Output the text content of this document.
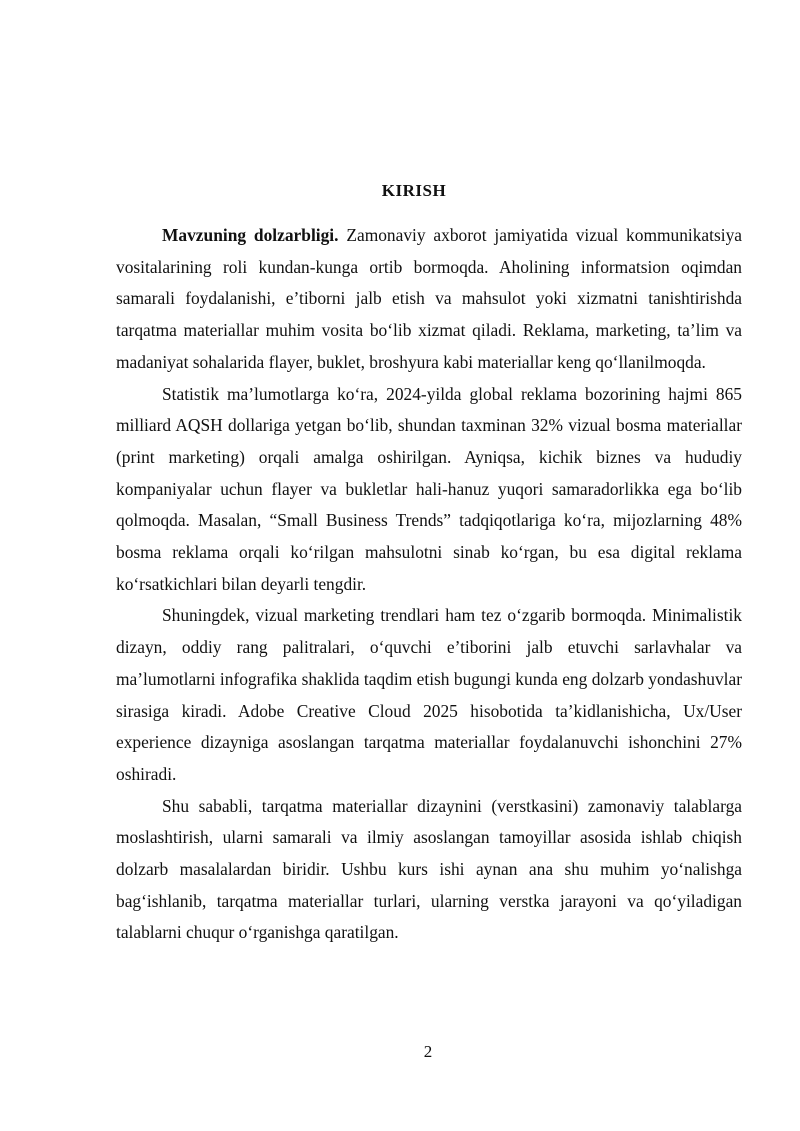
KIRISH

Mavzuning dolzarbligi. Zamonaviy axborot jamiyatida vizual kommunikatsiya vositalarining roli kundan-kunga ortib bormoqda. Aholining informatsion oqimdan samarali foydalanishi, e’tiborni jalb etish va mahsulot yoki xizmatni tanishtirishda tarqatma materiallar muhim vosita bo‘lib xizmat qiladi. Reklama, marketing, ta’lim va madaniyat sohalarida flayer, buklet, broshyura kabi materiallar keng qo‘llanilmoqda.

Statistik ma’lumotlarga ko‘ra, 2024-yilda global reklama bozorining hajmi 865 milliard AQSH dollariga yetgan bo‘lib, shundan taxminan 32% vizual bosma materiallar (print marketing) orqali amalga oshirilgan. Ayniqsa, kichik biznes va hududiy kompaniyalar uchun flayer va bukletlar hali-hanuz yuqori samaradorlikka ega bo‘lib qolmoqda. Masalan, “Small Business Trends” tadqiqotlariga ko‘ra, mijozlarning 48% bosma reklama orqali ko‘rilgan mahsulotni sinab ko‘rgan, bu esa digital reklama ko‘rsatkichlari bilan deyarli tengdir.

Shuningdek, vizual marketing trendlari ham tez o‘zgarib bormoqda. Minimalistik dizayn, oddiy rang palitralari, o‘quvchi e’tiborini jalb etuvchi sarlavhalar va ma’lumotlarni infografika shaklida taqdim etish bugungi kunda eng dolzarb yondashuvlar sirasiga kiradi. Adobe Creative Cloud 2025 hisobotida ta’kidlanishicha, Ux/User experience dizayniga asoslangan tarqatma materiallar foydalanuvchi ishonchini 27% oshiradi.

Shu sababli, tarqatma materiallar dizaynini (verstkasini) zamonaviy talablarga moslashtirish, ularni samarali va ilmiy asoslangan tamoyillar asosida ishlab chiqish dolzarb masalalardan biridir. Ushbu kurs ishi aynan ana shu muhim yo‘nalishga bag‘ishlanib, tarqatma materiallar turlari, ularning verstka jarayoni va qo‘yiladigan talablarni chuqur o‘rganishga qaratilgan.

2
